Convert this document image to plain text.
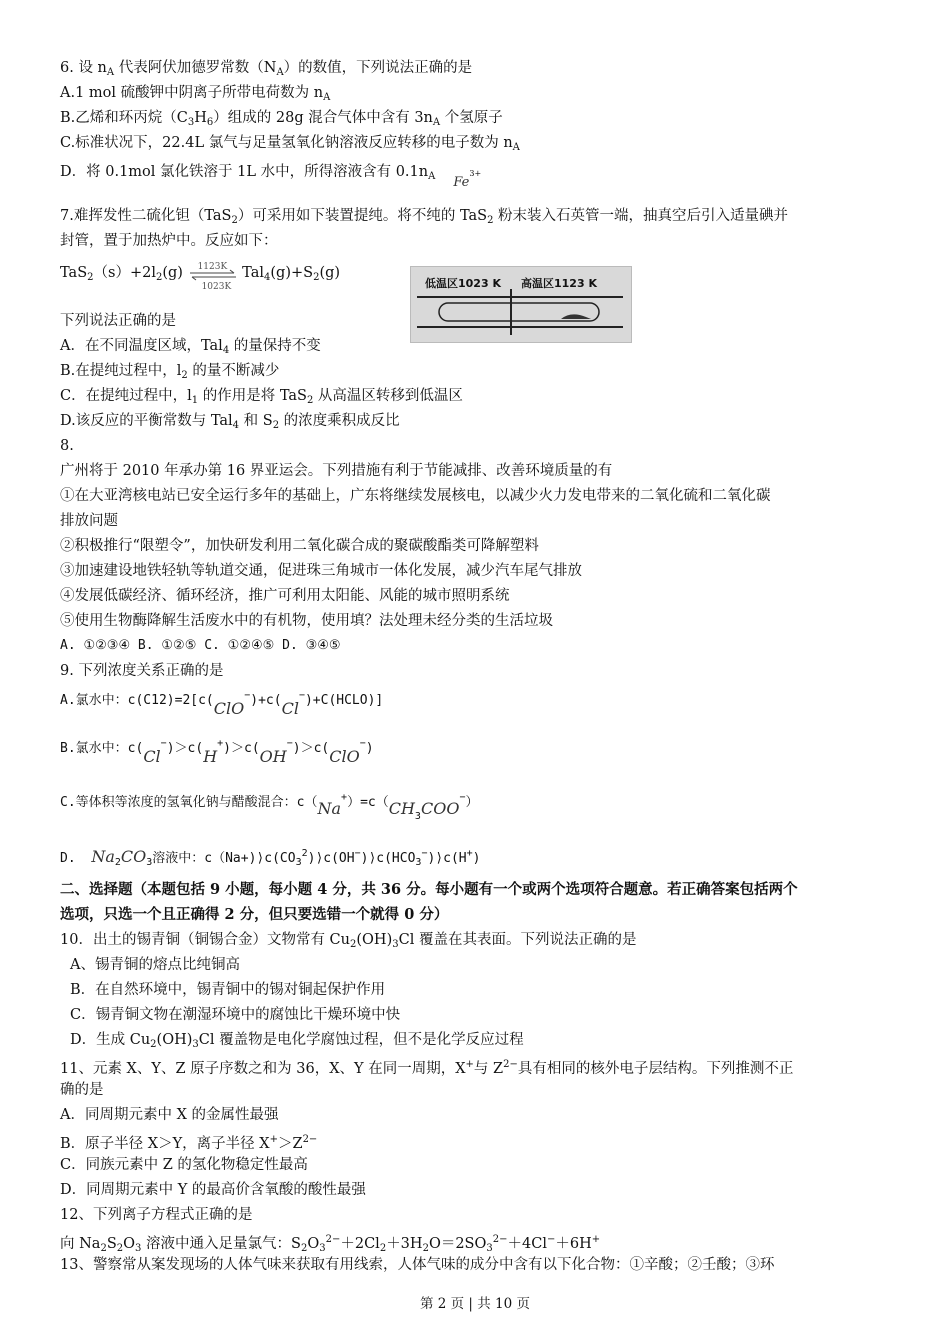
6. 设 $n_A$ 代表阿伏加德罗常数$(N_A)$的数值，下列说法正确的是
A.1 mol 硫酸钾中阴离子所带电荷数为 $n_A$
B.乙烯和环丙烷$(C_3H_6)$组成的 28g 混合气体中含有 $3n_A$ 个氢原子
C.标准状况下，22.4L 氯气与足量氢氧化钠溶液反应转移的电子数为 $n_A$
D．将 0.1mol 氯化铁溶于 1L 水中，所得溶液含有 $0.1n_A$ $Fe^{3+}$
7.难挥发性二硫化钽（TaS$_2$）可采用如下装置提纯。将不纯的 TaS$_2$ 粉末装入石英管一端，抽真空后引入适量碘并
封管，置于加热炉中。反应如下：
$TaS_2(s)+2l_2(g)$ 1123K
1023K
$Tal_4(g)+S_2(g)$
低温区1023 K 高温区1123 K
下列说法正确的是
A．在不同温度区域，Tal$_4$ 的量保持不变
B.在提纯过程中，$l_2$ 的量不断减少
C．在提纯过程中，$l_1$ 的作用是将 TaS$_2$ 从高温区转移到低温区
D.该反应的平衡常数与 Tal$_4$ 和 $S_2$ 的浓度乘积成反比
8.
广州将于 2010 年承办第 16 界亚运会。下列措施有利于节能减排、改善环境质量的有
①在大亚湾核电站已安全运行多年的基础上，广东将继续发展核电，以减少火力发电带来的二氧化硫和二氧化碳
排放问题
②积极推行“限塑令”，加快研发利用二氧化碳合成的聚碳酸酯类可降解塑料
③加速建设地铁轻轨等轨道交通，促进珠三角城市一体化发展，减少汽车尾气排放
④发展低碳经济、循环经济，推广可利用太阳能、风能的城市照明系统
⑤使用生物酶降解生活废水中的有机物，使用填？法处理未经分类的生活垃圾
A. ①②③④ B. ①②⑤ C. ①②④⑤ D. ③④⑤
9. 下列浓度关系正确的是
A.氯水中：c(C12)=2[c(ClO−)+c(Cl−)+C(HCLO)]
B.氯水中：c(Cl−)＞c(H+)＞c(OH−)＞c(ClO−)
C.等体积等浓度的氢氧化钠与醋酸混合：$c(Na^+)=c(CH_3COO^-)$
D. $Na_2CO_3$溶液中：$c(Na+)⟩c(CO_3^2)⟩c(OH^-)⟩c(HCO_3^-)⟩c(H^+)$
二、选择题（本题包括 9 小题，每小题 4 分，共 36 分。每小题有一个或两个选项符合题意。若正确答案包括两个
选项，只选一个且正确得 2 分，但只要选错一个就得 0 分）
10．出土的锡青铜（铜锡合金）文物常有 $Cu_2(OH)_3Cl$ 覆盖在其表面。下列说法正确的是
A、锡青铜的熔点比纯铜高
B．在自然环境中，锡青铜中的锡对铜起保护作用
C．锡青铜文物在潮湿环境中的腐蚀比干燥环境中快
D．生成 $Cu_2(OH)_3Cl$ 覆盖物是电化学腐蚀过程，但不是化学反应过程
11、元素 X、Y、Z 原子序数之和为 36，X、Y 在同一周期，X+与 $Z^{2-}$具有相同的核外电子层结构。下列推测不正
确的是
A．同周期元素中 X 的金属性最强
B．原子半径 X＞Y，离子半径 $X^+>Z^{2-}$
C．同族元素中 Z 的氢化物稳定性最高
D．同周期元素中 Y 的最高价含氧酸的酸性最强
12、下列离子方程式正确的是
向 $Na_2S_2O_3$ 溶液中通入足量氯气：$S_2O_3^{2-}+2Cl_2+3H_2O=2SO_3^{2-}+4Cl^-+6H^+$
13、警察常从案发现场的人体气味来获取有用线索，人体气味的成分中含有以下化合物：①辛酸；②壬酸；③环
第 2 页 | 共 10 页
